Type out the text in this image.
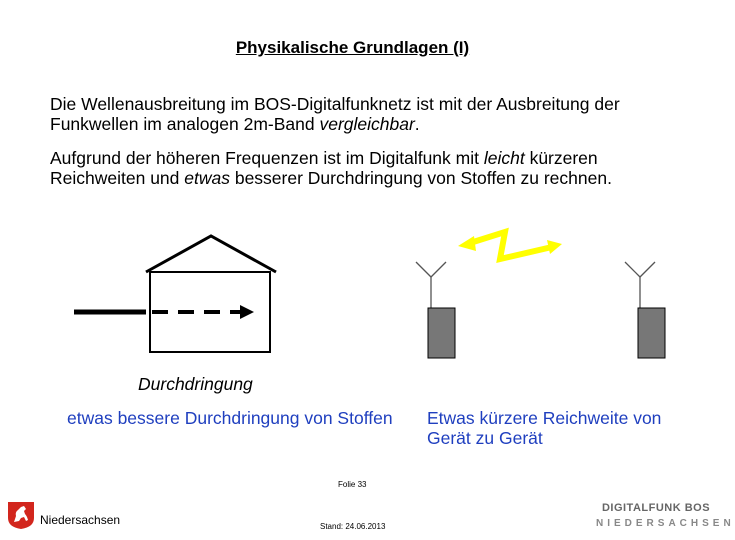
Physikalische Grundlagen (I)
Die Wellenausbreitung im BOS-Digitalfunknetz ist mit der Ausbreitung der Funkwellen im analogen 2m-Band vergleichbar.
Aufgrund der höheren Frequenzen ist im Digitalfunk mit leicht kürzeren Reichweiten und etwas besserer Durchdringung von Stoffen zu rechnen.
Durchdringung
etwas bessere Durchdringung von Stoffen Etwas kürzere Reichweite von Gerät zu Gerät
Niedersachsen
Folie 33
Stand: 24.06.2013
DIGITALFUNK BOS
NIEDERSACHSEN
